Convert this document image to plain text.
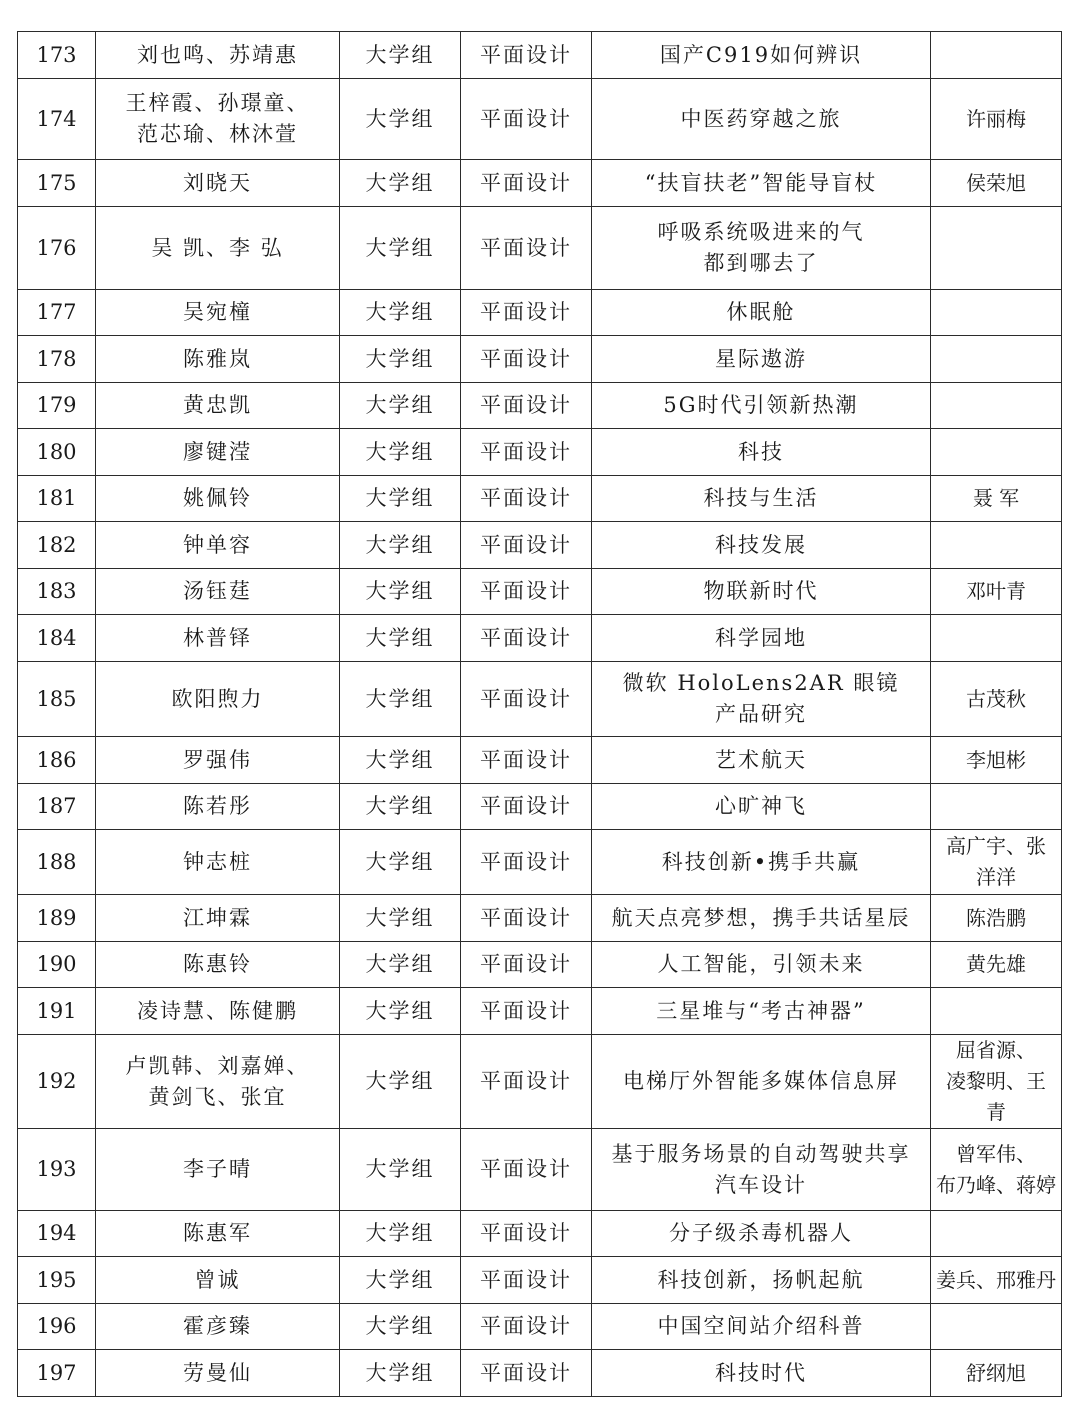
173	刘也鸣、苏靖惠	大学组	平面设计	国产C919如何辨识	

174	王梓霞、孙璟童、
范芯瑜、林沐萱	大学组	平面设计	中医药穿越之旅	许丽梅

175	刘晓天	大学组	平面设计	“扶盲扶老”智能导盲杖	侯荣旭

176	吴 凯、李 弘	大学组	平面设计	呼吸系统吸进来的气
都到哪去了	

177	吴宛橦	大学组	平面设计	休眠舱	

178	陈雅岚	大学组	平面设计	星际遨游	

179	黄忠凯	大学组	平面设计	5G时代引领新热潮	

180	廖键滢	大学组	平面设计	科技	

181	姚佩铃	大学组	平面设计	科技与生活	聂 军

182	钟单容	大学组	平面设计	科技发展	

183	汤钰莛	大学组	平面设计	物联新时代	邓叶青

184	林普铎	大学组	平面设计	科学园地	

185	欧阳煦力	大学组	平面设计	微软 HoloLens2AR 眼镜
产品研究	古茂秋

186	罗强伟	大学组	平面设计	艺术航天	李旭彬

187	陈若彤	大学组	平面设计	心旷神飞	

188	钟志桩	大学组	平面设计	科技创新•携手共赢	高广宇、张
洋洋

189	江坤霖	大学组	平面设计	航天点亮梦想，携手共话星辰	陈浩鹏

190	陈惠铃	大学组	平面设计	人工智能，引领未来	黄先雄

191	凌诗慧、陈健鹏	大学组	平面设计	三星堆与“考古神器”	

192	卢凯韩、刘嘉婵、
黄剑飞、张宜	大学组	平面设计	电梯厅外智能多媒体信息屏	屈省源、
凌黎明、王 青

193	李子晴	大学组	平面设计	基于服务场景的自动驾驶共享
汽车设计	曾军伟、
布乃峰、蒋婷

194	陈惠军	大学组	平面设计	分子级杀毒机器人	

195	曾诚	大学组	平面设计	科技创新，扬帆起航	姜兵、邢雅丹

196	霍彦臻	大学组	平面设计	中国空间站介绍科普	

197	劳曼仙	大学组	平面设计	科技时代	舒纲旭
